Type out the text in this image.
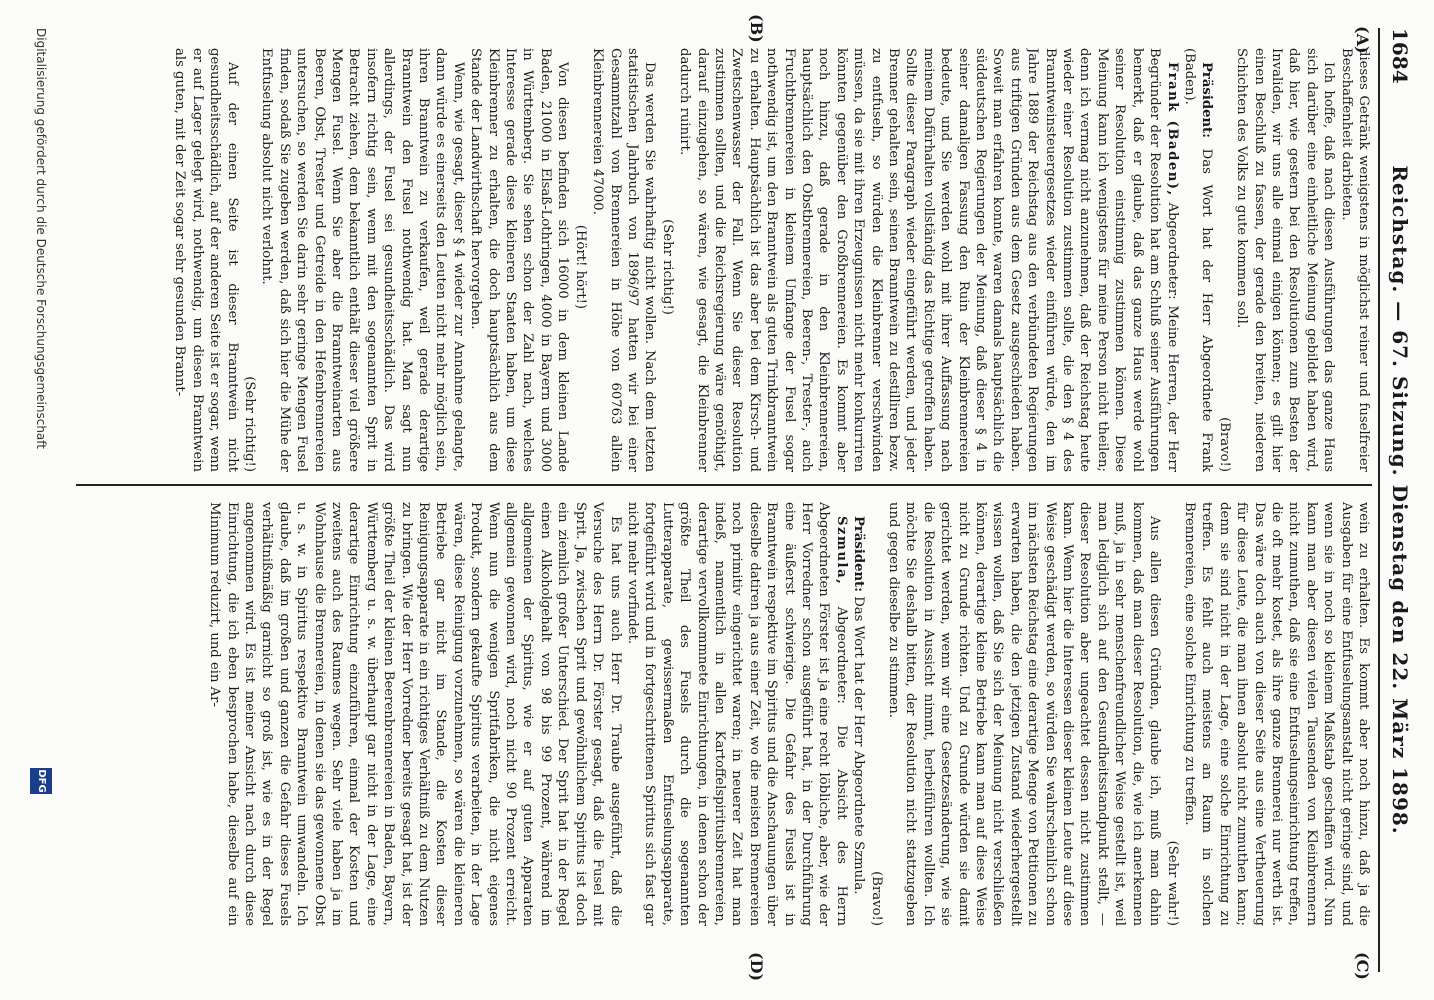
1684
Reichstag. — 67. Sitzung. Dienstag den 22. März 1898.
(A)
(B)
(C)
(D)

dieses Getränk wenigstens in möglichst reiner und fuselfreier Beschaffenheit darbieten.

Ich hoffe, daß nach diesen Ausführungen das ganze Haus sich darüber eine einheitliche Meinung gebildet haben wird, daß hier, wie gestern bei den Resolutionen zum Besten der Invaliden, wir uns alle einmal einigen können; es gilt hier einen Beschluß zu fassen, der gerade den breiten, niederen Schichten des Volks zu gute kommen soll.

(Bravo!)

Präsident: Das Wort hat der Herr Abgeordnete Frank (Baden).

Frank (Baden), Abgeordneter: Meine Herren, der Herr Begründer der Resolution hat am Schluß seiner Ausführungen bemerkt, daß er glaube, daß das ganze Haus werde wohl seiner Resolution einstimmig zustimmen können. Diese Meinung kann ich wenigstens für meine Person nicht theilen; denn ich vermag nicht anzunehmen, daß der Reichstag heute wieder einer Resolution zustimmen sollte, die den § 4 des Branntweinsteuergesetzes wieder einführen würde, den im Jahre 1889 der Reichstag aus den verbündeten Regierungen aus triftigen Gründen aus dem Gesetz ausgeschieden haben. Soweit man erfahren konnte, waren damals hauptsächlich die süddeutschen Regierungen der Meinung, daß dieser § 4 in seiner damaligen Fassung den Ruin der Kleinbrennereien bedeute, und Sie werden wohl mit ihrer Auffassung nach meinem Dafürhalten vollständig das Richtige getroffen haben. Sollte dieser Paragraph wieder eingeführt werden, und jeder Brenner gehalten sein, seinen Branntwein zu destilliren bezw. zu entfuseln, so würden die Kleinbrenner verschwinden müssen, da sie mit ihren Erzeugnissen nicht mehr konkurriren könnten gegenüber den Großbrennereien. Es kommt aber noch hinzu, daß gerade in den Kleinbrennereien, hauptsächlich den Obstbrennereien, Beeren-, Trester-, auch Fruchtbrennereien in kleinem Umfange der Fusel sogar nothwendig ist, um den Branntwein als guten Trinkbranntwein zu erhalten. Hauptsächlich ist das aber bei dem Kirsch- und Zwetschenwasser der Fall. Wenn Sie dieser Resolution zustimmen sollten, und die Reichsregierung wäre genöthigt, darauf einzugehen, so wären, wie gesagt, die Kleinbrenner dadurch ruinirt.

(Sehr richtig!)

Das werden Sie wahrhaftig nicht wollen. Nach dem letzten statistischen Jahrbuch von 1896/97 hatten wir bei einer Gesammtzahl von Brennereien in Höhe von 60763 allein Kleinbrennereien 47000.

(Hört! hört!)

Von diesen befinden sich 16000 in dem kleinen Lande Baden, 21000 in Elsaß-Lothringen, 4000 in Bayern und 3000 in Württemberg. Sie sehen schon der Zahl nach, welches Interesse gerade diese kleineren Staaten haben, um diese Kleinbrenner zu erhalten, die doch hauptsächlich aus dem Stande der Landwirthschaft hervorgehen.

Wenn, wie gesagt, dieser § 4 wieder zur Annahme gelangte, dann würde es einerseits den Leuten nicht mehr möglich sein, ihren Branntwein zu verkaufen, weil gerade derartige Branntwein den Fusel nothwendig hat. Man sagt nun allerdings, der Fusel sei gesundheitsschädlich. Das wird insofern richtig sein, wenn mit den sogenannten Sprit in Betracht ziehen, dem bekanntlich enthält dieser viel größere Mengen Fusel. Wenn Sie aber die Branntweinarten aus Beeren, Obst, Trester und Getreide in den Hefenbrennereien untersuchen, so werden Sie darin sehr geringe Mengen Fusel finden, sodaß Sie zugeben werden, daß sich hier die Mühe der Entfuselung absolut nicht verlohnt.

(Sehr richtig!)

Auf der einen Seite ist dieser Branntwein nicht gesundheitsschädlich, auf der anderen Seite ist er sogar, wenn er auf Lager gelegt wird, nothwendig, um diesen Branntwein als guten, mit der Zeit sogar sehr gesunden Brannt-

wein zu erhalten. Es kommt aber noch hinzu, daß ja die Ausgaben für eine Entfuselungsanstalt nicht geringe sind, und wenn sie in noch so kleinem Maßstab geschaffen wird. Nun kann man aber diesen vielen Tausenden von Kleinbrennern nicht zumuthen, daß sie eine Entfuselungseinrichtung treffen, die oft mehr kostet, als ihre ganze Brennerei nur werth ist. Das wäre doch auch von dieser Seite aus eine Vertheuerung für diese Leute, die man ihnen absolut nicht zumuthen kann; denn sie sind nicht in der Lage, eine solche Einrichtung zu treffen. Es fehlt auch meistens an Raum in solchen Brennereien, eine solche Einrichtung zu treffen.

(Sehr wahr!)

Aus allen diesen Gründen, glaube ich, muß man dahin kommen, daß man dieser Resolution, die, wie ich anerkennen muß, ja in sehr menschenfreundlicher Weise gestellt ist, weil man lediglich sich auf den Gesundheitsstandpunkt stellt, — dieser Resolution aber ungeachtet dessen nicht zustimmen kann. Wenn hier die Interessen dieser kleinen Leute auf diese Weise geschädigt werden, so würden Sie wahrscheinlich schon im nächsten Reichstag eine derartige Menge von Petitionen zu erwarten haben, die den jetzigen Zustand wiederhergestellt wissen wollen, daß Sie sich der Meinung nicht verschließen können, derartige kleine Betriebe kann man auf diese Weise nicht zu Grunde richten. Und zu Grunde würden sie damit gerichtet werden, wenn wir eine Gesetzesänderung, wie sie die Resolution in Aussicht nimmt, herbeiführen wollten. Ich möchte Sie deshalb bitten, der Resolution nicht stattzugeben und gegen dieselbe zu stimmen.

(Bravo!)

Präsident: Das Wort hat der Herr Abgeordnete Szmula.

Szmula, Abgeordneter: Die Absicht des Herrn Abgeordneten Förster ist ja eine recht löbliche, aber, wie der Herr Vorredner schon ausgeführt hat, in der Durchführung eine äußerst schwierige. Die Gefahr des Fusels ist in Branntwein respektive im Spiritus und die Anschauungen über dieselbe datiren ja aus einer Zeit, wo die meisten Brennereien noch primitiv eingerichtet waren; in neuerer Zeit hat man indeß, namentlich in allen Kartoffelspiritusbrennereien, derartige vervollkommnete Einrichtungen, in denen schon der größte Theil des Fusels durch die sogenannten Lutterapparate, gewissermaßen Entfuselungsapparate, fortgeführt wird und in fortgeschrittenen Spiritus sich fast gar nicht mehr vorfindet.

Es hat uns auch Herr Dr. Traube ausgeführt, daß die Versuche des Herrn Dr. Förster gesagt, daß die Fusel mit Sprit. Ja, zwischen Sprit und gewöhnlichem Spiritus ist doch ein ziemlich großer Unterschied. Der Sprit hat in der Regel einen Alkoholgehalt von 98 bis 99 Prozent, während im allgemeinen der Spiritus, wie er auf guten Apparaten allgemein gewonnen wird, noch nicht 90 Prozent erreicht. Wenn nun die wenigen Spritfabriken, die nicht eigenes Produkt, sondern gekaufte Spiritus verarbeiten, in der Lage wären, diese Reinigung vorzunehmen, so wären die kleineren Betriebe gar nicht im Stande, die Kosten dieser Reinigungsapparate in ein richtiges Verhältniß zu dem Nutzen zu bringen. Wie der Herr Vorredner bereits gesagt hat, ist der größte Theil der kleinen Beerenbrennereien in Baden, Bayern, Württemberg u. s. w. überhaupt gar nicht in der Lage, eine derartige Einrichtung einzuführen, einmal der Kosten und zweitens auch des Raumes wegen. Sehr viele haben ja im Wohnhause die Brennereien, in denen sie das gewonnene Obst u. s. w. in Spiritus respektive Branntwein umwandeln. Ich glaube, daß im großen und ganzen die Gefahr dieses Fusels verhältnißmäßig garnicht so groß ist, wie es in der Regel angenommen wird. Es ist meiner Ansicht nach durch diese Einrichtung, die ich eben besprochen habe, dieselbe auf ein Minimum reduzirt, und ein Ar-

Digitalisierung gefördert durch die Deutsche Forschungsgemeinschaft
DFG
